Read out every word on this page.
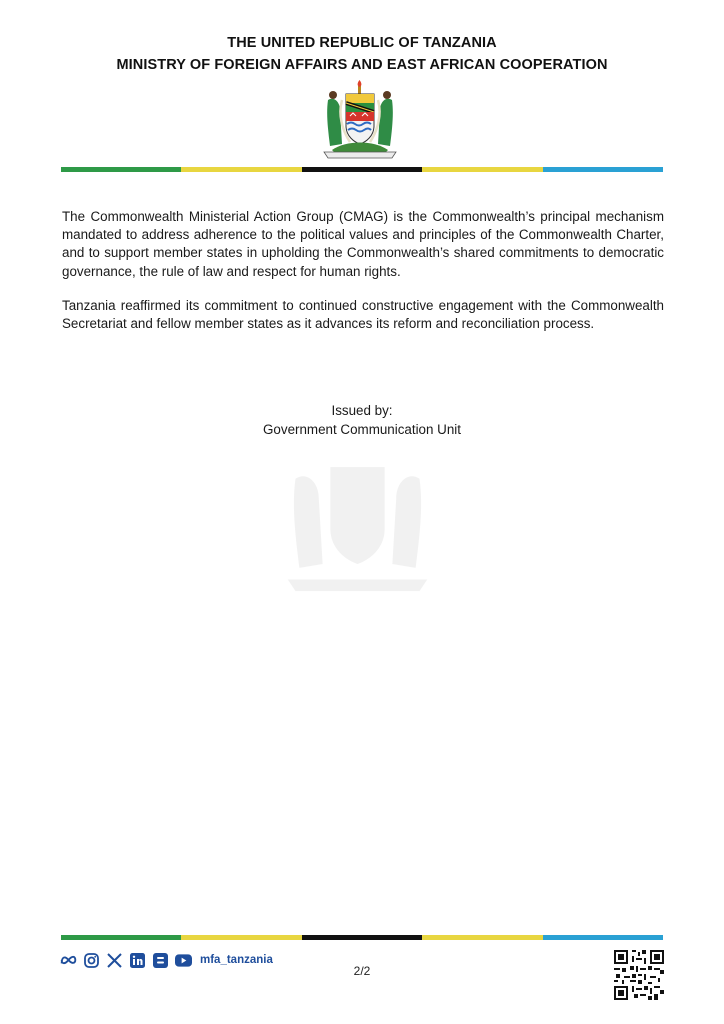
THE UNITED REPUBLIC OF TANZANIA
MINISTRY OF FOREIGN AFFAIRS AND EAST AFRICAN COOPERATION

The Commonwealth Ministerial Action Group (CMAG) is the Commonwealth’s principal mechanism mandated to address adherence to the political values and principles of the Commonwealth Charter, and to support member states in upholding the Commonwealth’s shared commitments to democratic governance, the rule of law and respect for human rights.

Tanzania reaffirmed its commitment to continued constructive engagement with the Commonwealth Secretariat and fellow member states as it advances its reform and reconciliation process.

Issued by:
Government Communication Unit
mfa_tanzania
2/2
